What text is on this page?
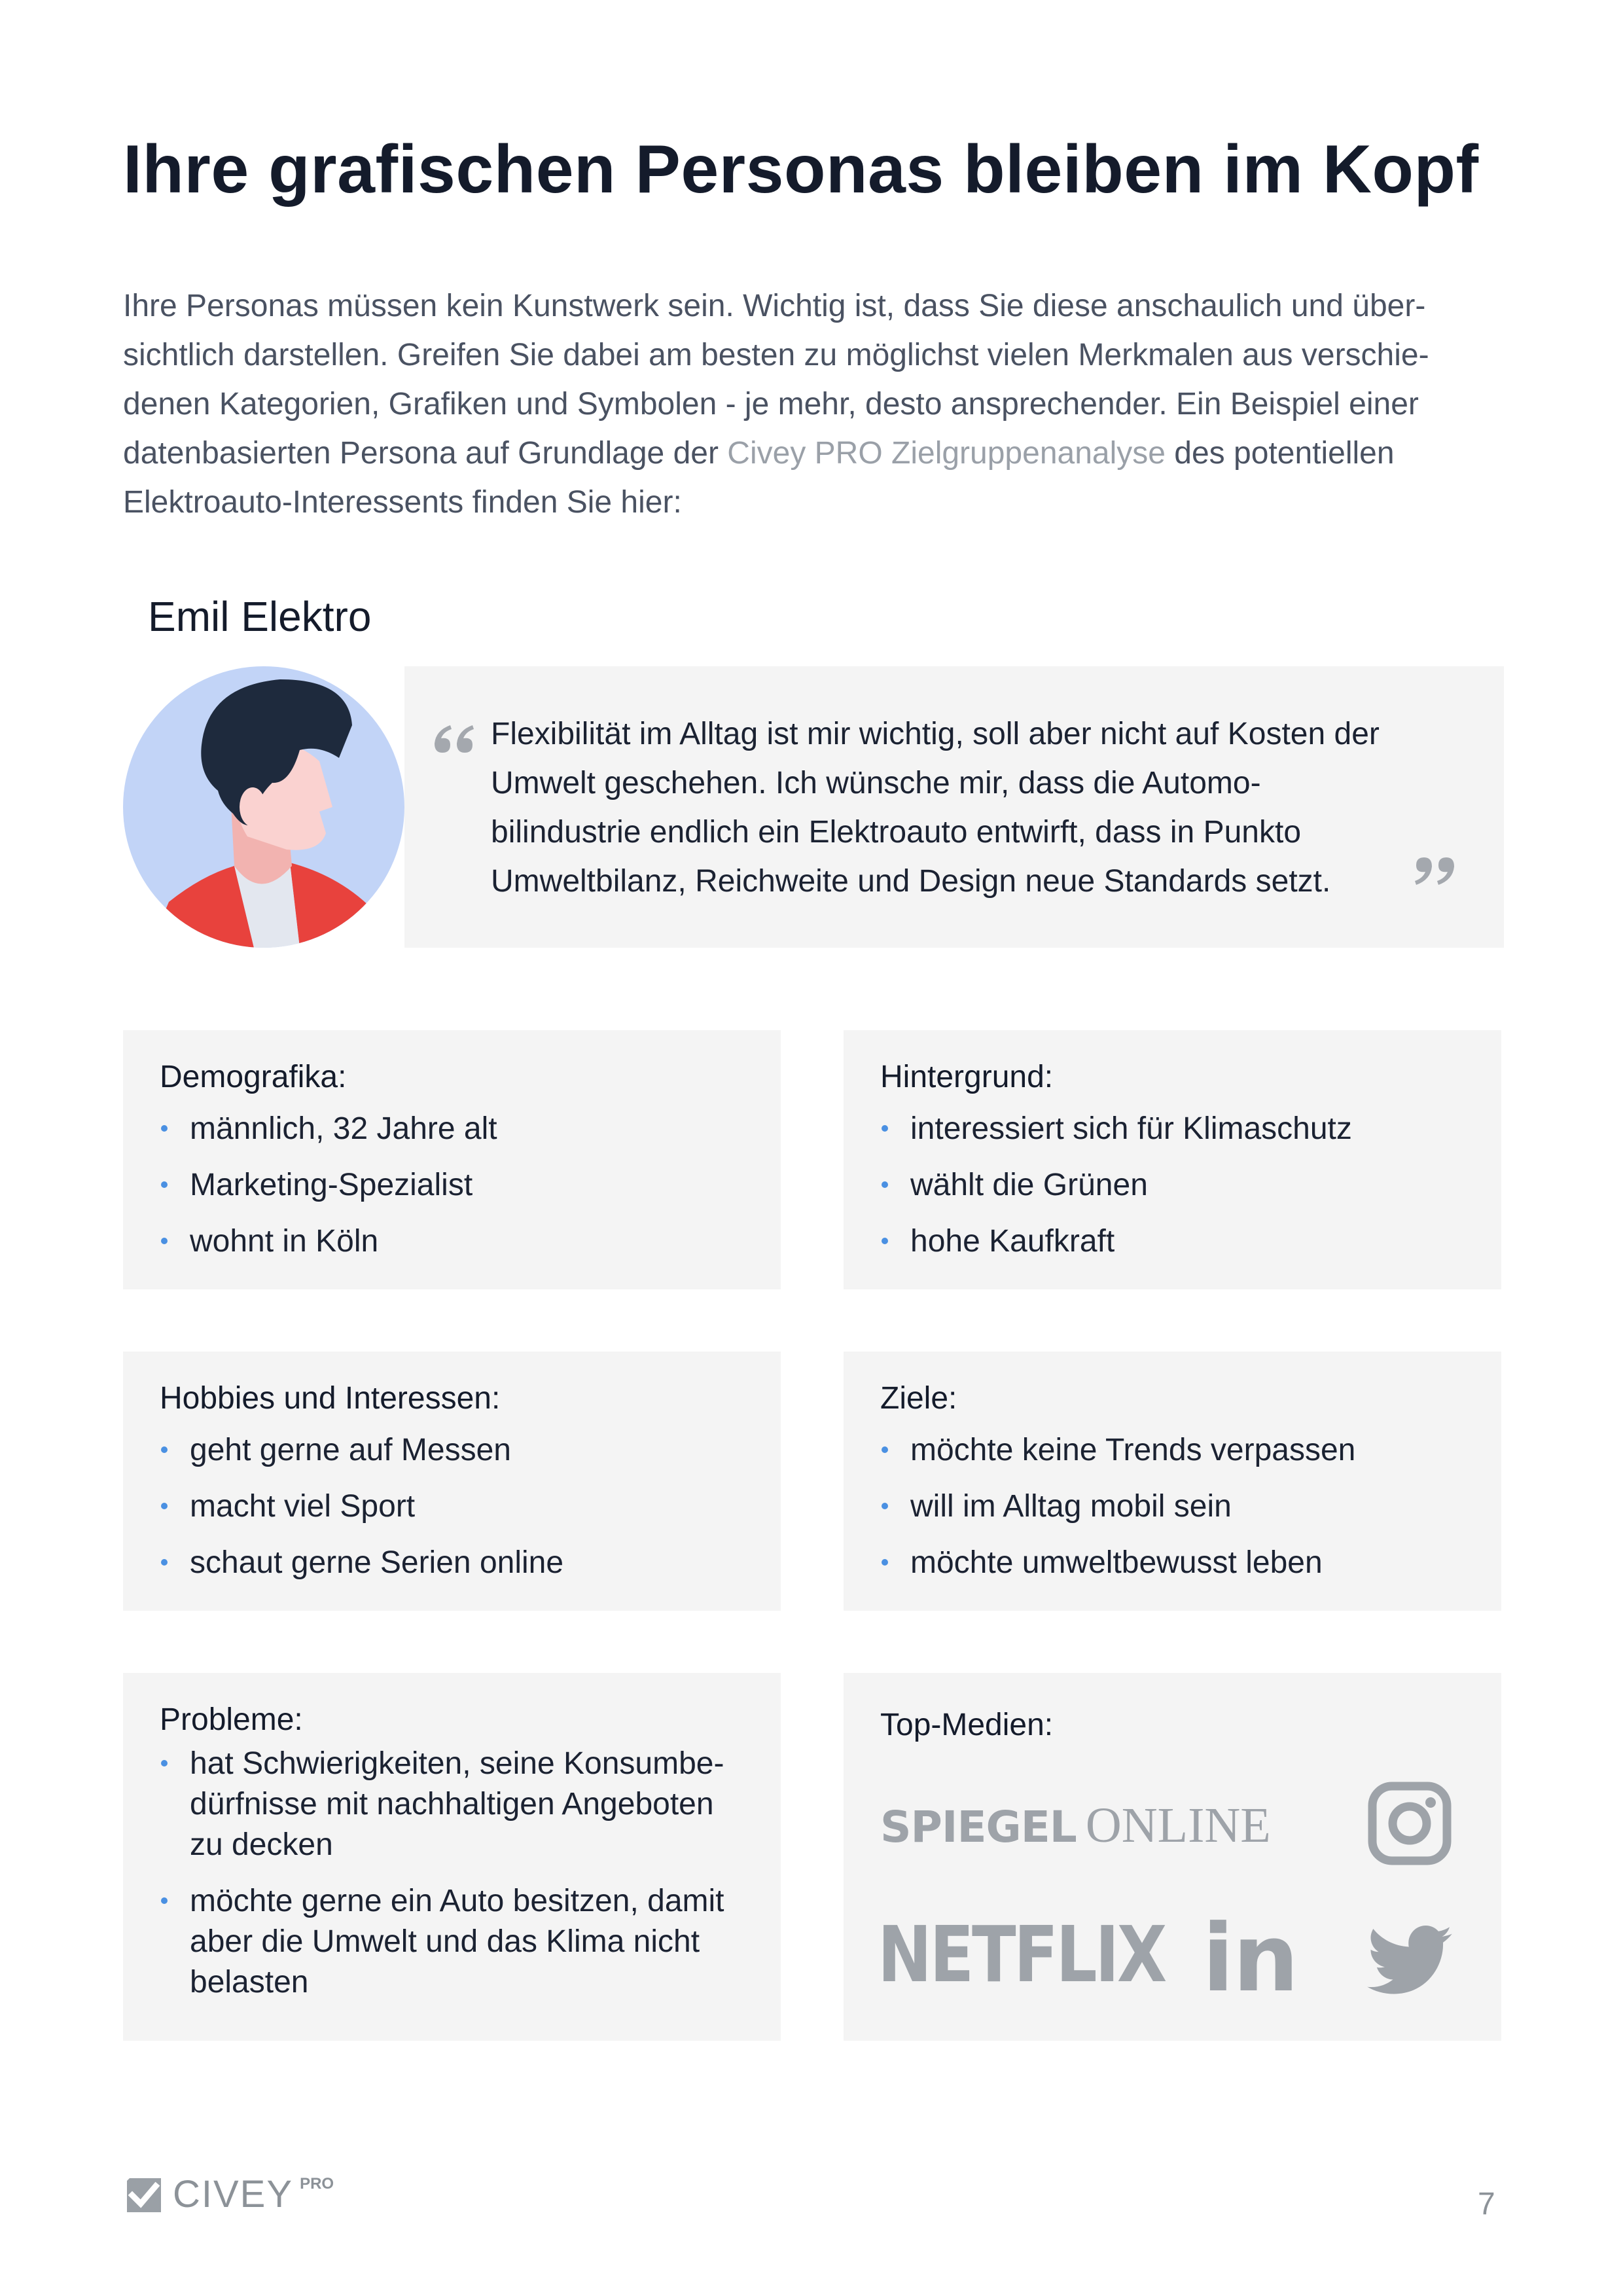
Ihre grafischen Personas bleiben im Kopf

Ihre Personas müssen kein Kunstwerk sein. Wichtig ist, dass Sie diese anschaulich und übersichtlich darstellen. Greifen Sie dabei am besten zu möglichst vielen Merkmalen aus verschiedenen Kategorien, Grafiken und Symbolen - je mehr, desto ansprechender. Ein Beispiel einer datenbasierten Persona auf Grundlage der Civey PRO Zielgruppenanalyse des potentiellen Elektroauto-Interessents finden Sie hier:

Emil Elektro

Flexibilität im Alltag ist mir wichtig, soll aber nicht auf Kosten der Umwelt geschehen. Ich wünsche mir, dass die Automobilindustrie endlich ein Elektroauto entwirft, dass in Punkto Umweltbilanz, Reichweite und Design neue Standards setzt.

Demografika:
männlich, 32 Jahre alt
Marketing-Spezialist
wohnt in Köln
Hintergrund:
interessiert sich für Klimaschutz
wählt die Grünen
hohe Kaufkraft
Hobbies und Interessen:
geht gerne auf Messen
macht viel Sport
schaut gerne Serien online
Ziele:
möchte keine Trends verpassen
will im Alltag mobil sein
möchte umweltbewusst leben
Probleme:
hat Schwierigkeiten, seine Konsumbedürfnisse mit nachhaltigen Angeboten zu decken
möchte gerne ein Auto besitzen, damit aber die Umwelt und das Klima nicht belasten
Top-Medien:
SPIEGEL ONLINE
NETFLIX in
CIVEY PRO
7
